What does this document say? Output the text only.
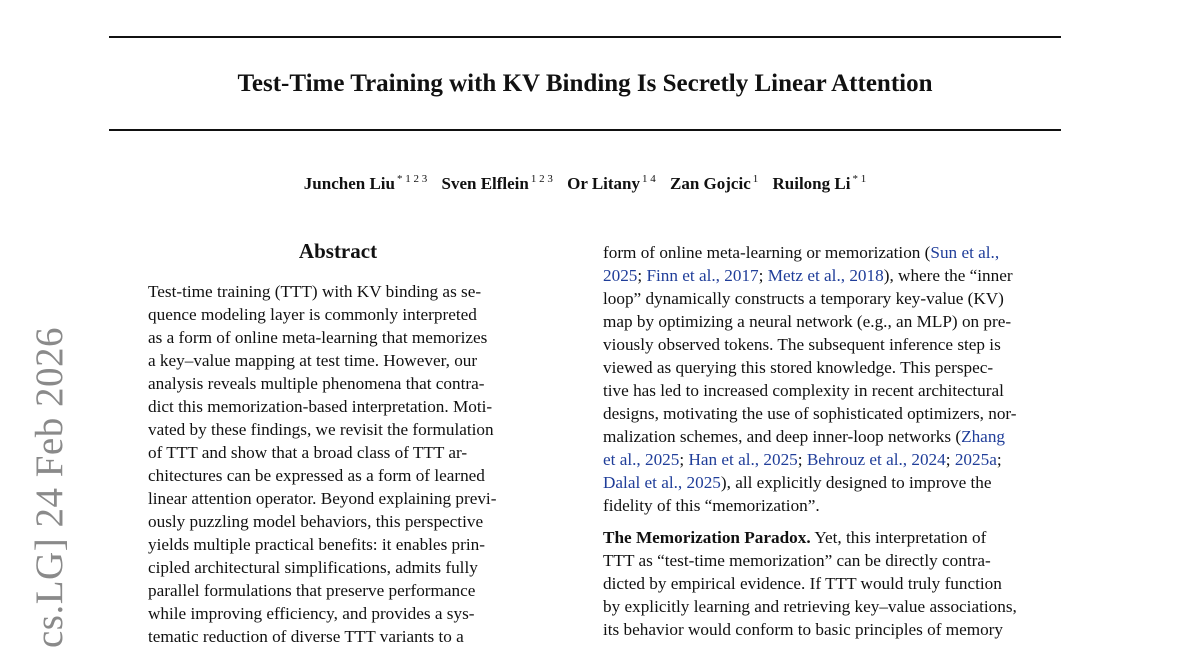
Test-Time Training with KV Binding Is Secretly Linear Attention
Junchen Liu $^{* 1 2 3}$ Sven Elflein $^{1 2 3}$ Or Litany $^{1 4}$ Zan Gojcic $^1$ Ruilong Li $^{* 1}$
cs.LG] 24 Feb 2026
Abstract
Test-time training (TTT) with KV binding as se-
quence modeling layer is commonly interpreted
as a form of online meta-learning that memorizes
a key–value mapping at test time. However, our
analysis reveals multiple phenomena that contra-
dict this memorization-based interpretation. Moti-
vated by these findings, we revisit the formulation
of TTT and show that a broad class of TTT ar-
chitectures can be expressed as a form of learned
linear attention operator. Beyond explaining previ-
ously puzzling model behaviors, this perspective
yields multiple practical benefits: it enables prin-
cipled architectural simplifications, admits fully
parallel formulations that preserve performance
while improving efficiency, and provides a sys-
tematic reduction of diverse TTT variants to a
form of online meta-learning or memorization (Sun et al.,
2025; Finn et al., 2017; Metz et al., 2018), where the “inner
loop” dynamically constructs a temporary key-value (KV)
map by optimizing a neural network (e.g., an MLP) on pre-
viously observed tokens. The subsequent inference step is
viewed as querying this stored knowledge. This perspec-
tive has led to increased complexity in recent architectural
designs, motivating the use of sophisticated optimizers, nor-
malization schemes, and deep inner-loop networks (Zhang
et al., 2025; Han et al., 2025; Behrouz et al., 2024; 2025a;
Dalal et al., 2025), all explicitly designed to improve the
fidelity of this “memorization”.
The Memorization Paradox. Yet, this interpretation of
TTT as “test-time memorization” can be directly contra-
dicted by empirical evidence. If TTT would truly function
by explicitly learning and retrieving key–value associations,
its behavior would conform to basic principles of memory
